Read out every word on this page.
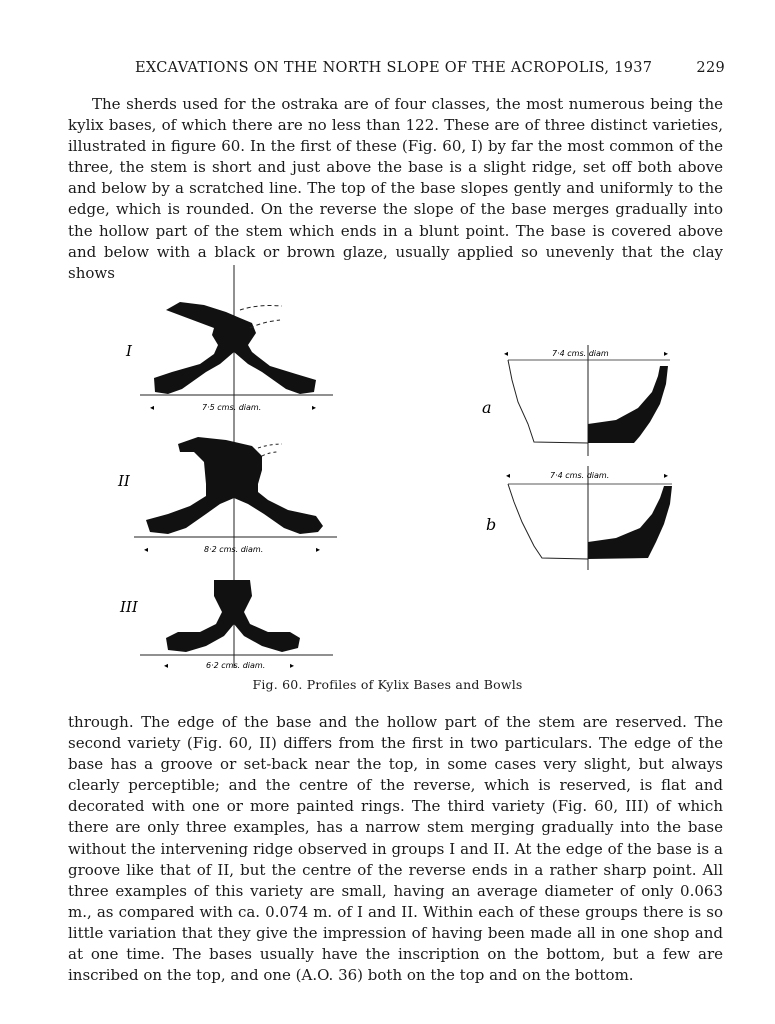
EXCAVATIONS ON THE NORTH SLOPE OF THE ACROPOLIS, 1937	229

The sherds used for the ostraka are of four classes, the most numerous being the kylix bases, of which there are no less than 122. These are of three distinct varieties, illustrated in figure 60. In the first of these (Fig. 60, I) by far the most common of the three, the stem is short and just above the base is a slight ridge, set off both above and below by a scratched line. The top of the base slopes gently and uniformly to the edge, which is rounded. On the reverse the slope of the base merges gradually into the hollow part of the stem which ends in a blunt point. The base is covered above and below with a black or brown glaze, usually applied so unevenly that the clay shows

I
7·5 cms. diam.
◂	▸
II
8·2 cms. diam.
◂	▸
III
6·2 cms. diam.
◂	▸
a
7·4 cms. diam
◂	▸
b
7·4 cms. diam.
◂	▸
Fig. 60. Profiles of Kylix Bases and Bowls

through. The edge of the base and the hollow part of the stem are reserved. The second variety (Fig. 60, II) differs from the first in two particulars. The edge of the base has a groove or set-back near the top, in some cases very slight, but always clearly perceptible; and the centre of the reverse, which is reserved, is flat and decorated with one or more painted rings. The third variety (Fig. 60, III) of which there are only three examples, has a narrow stem merging gradually into the base without the intervening ridge observed in groups I and II. At the edge of the base is a groove like that of II, but the centre of the reverse ends in a rather sharp point. All three examples of this variety are small, having an average diameter of only 0.063 m., as compared with ca. 0.074 m. of I and II. Within each of these groups there is so little variation that they give the impression of having been made all in one shop and at one time. The bases usually have the inscription on the bottom, but a few are inscribed on the top, and one (A.O. 36) both on the top and on the bottom.
